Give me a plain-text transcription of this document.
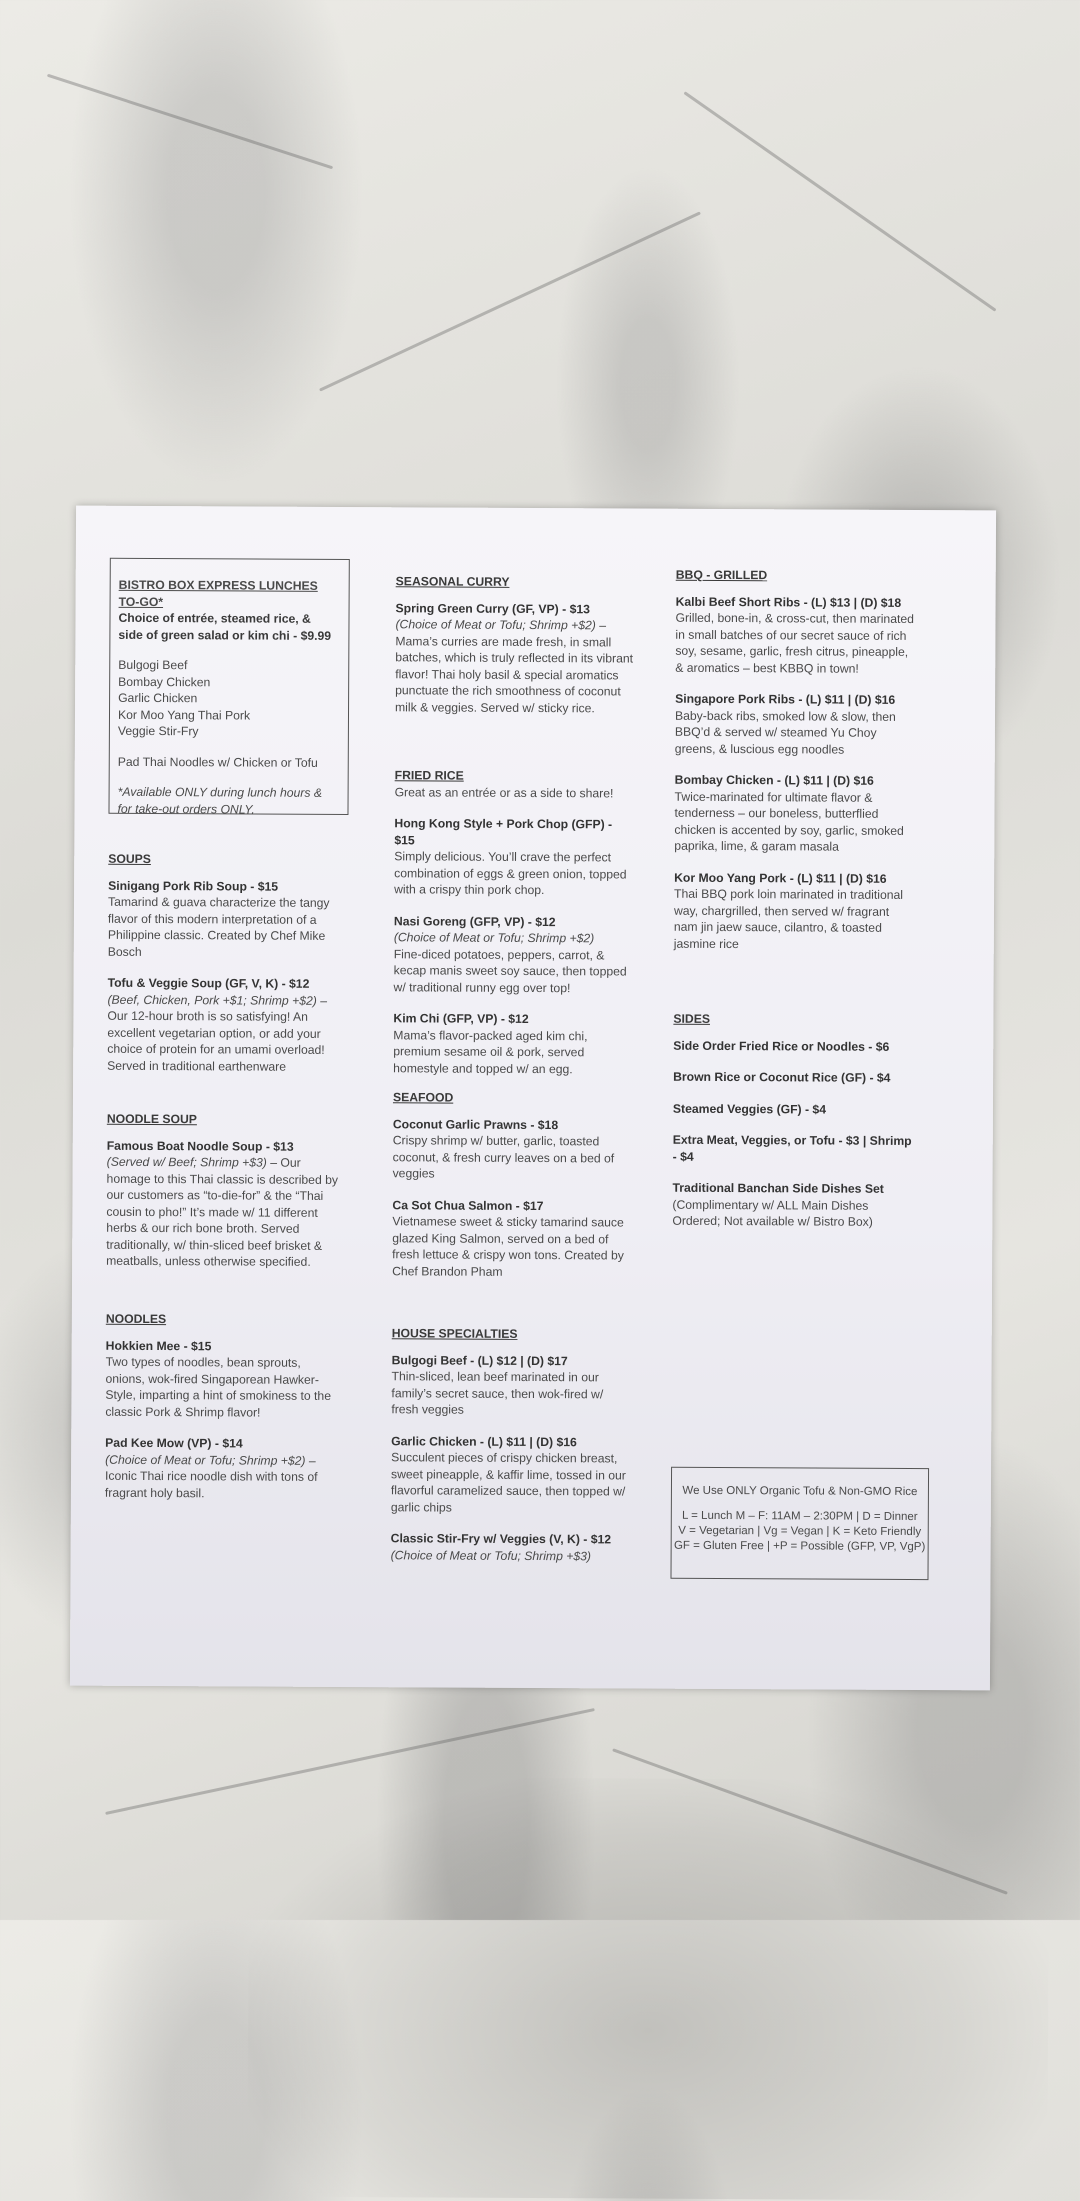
BISTRO BOX EXPRESS LUNCHES TO-GO*
Choice of entrée, steamed rice, & side of green salad or kim chi - $9.99
Bulgogi Beef
Bombay Chicken
Garlic Chicken
Kor Moo Yang Thai Pork
Veggie Stir-Fry
Pad Thai Noodles w/ Chicken or Tofu
*Available ONLY during lunch hours & for take-out orders ONLY.
SOUPS
Sinigang Pork Rib Soup - $15
Tamarind & guava characterize the tangy flavor of this modern interpretation of a Philippine classic. Created by Chef Mike Bosch
Tofu & Veggie Soup (GF, V, K) - $12
(Beef, Chicken, Pork +$1; Shrimp +$2) – Our 12-hour broth is so satisfying! An excellent vegetarian option, or add your choice of protein for an umami overload! Served in traditional earthenware
NOODLE SOUP
Famous Boat Noodle Soup - $13
(Served w/ Beef; Shrimp +$3) – Our homage to this Thai classic is described by our customers as “to-die-for” & the “Thai cousin to pho!” It’s made w/ 11 different herbs & our rich bone broth. Served traditionally, w/ thin-sliced beef brisket & meatballs, unless otherwise specified.
NOODLES
Hokkien Mee - $15
Two types of noodles, bean sprouts, onions, wok-fired Singaporean Hawker-Style, imparting a hint of smokiness to the classic Pork & Shrimp flavor!
Pad Kee Mow (VP) - $14
(Choice of Meat or Tofu; Shrimp +$2) – Iconic Thai rice noodle dish with tons of fragrant holy basil.
SEASONAL CURRY
Spring Green Curry (GF, VP) - $13
(Choice of Meat or Tofu; Shrimp +$2) – Mama’s curries are made fresh, in small batches, which is truly reflected in its vibrant flavor! Thai holy basil & special aromatics punctuate the rich smoothness of coconut milk & veggies. Served w/ sticky rice.
FRIED RICE
Great as an entrée or as a side to share!
Hong Kong Style + Pork Chop (GFP) - $15
Simply delicious. You’ll crave the perfect combination of eggs & green onion, topped with a crispy thin pork chop.
Nasi Goreng (GFP, VP) - $12
(Choice of Meat or Tofu; Shrimp +$2)
Fine-diced potatoes, peppers, carrot, & kecap manis sweet soy sauce, then topped w/ traditional runny egg over top!
Kim Chi (GFP, VP) - $12
Mama’s flavor-packed aged kim chi, premium sesame oil & pork, served homestyle and topped w/ an egg.
SEAFOOD
Coconut Garlic Prawns - $18
Crispy shrimp w/ butter, garlic, toasted coconut, & fresh curry leaves on a bed of veggies
Ca Sot Chua Salmon - $17
Vietnamese sweet & sticky tamarind sauce glazed King Salmon, served on a bed of fresh lettuce & crispy won tons. Created by Chef Brandon Pham
HOUSE SPECIALTIES
Bulgogi Beef - (L) $12 | (D) $17
Thin-sliced, lean beef marinated in our family’s secret sauce, then wok-fired w/ fresh veggies
Garlic Chicken - (L) $11 | (D) $16
Succulent pieces of crispy chicken breast, sweet pineapple, & kaffir lime, tossed in our flavorful caramelized sauce, then topped w/ garlic chips
Classic Stir-Fry w/ Veggies (V, K) - $12
(Choice of Meat or Tofu; Shrimp +$3)
BBQ - GRILLED
Kalbi Beef Short Ribs - (L) $13 | (D) $18
Grilled, bone-in, & cross-cut, then marinated in small batches of our secret sauce of rich soy, sesame, garlic, fresh citrus, pineapple, & aromatics – best KBBQ in town!
Singapore Pork Ribs - (L) $11 | (D) $16
Baby-back ribs, smoked low & slow, then BBQ’d & served w/ steamed Yu Choy greens, & luscious egg noodles
Bombay Chicken - (L) $11 | (D) $16
Twice-marinated for ultimate flavor & tenderness – our boneless, butterflied chicken is accented by soy, garlic, smoked paprika, lime, & garam masala
Kor Moo Yang Pork - (L) $11 | (D) $16
Thai BBQ pork loin marinated in traditional way, chargrilled, then served w/ fragrant nam jin jaew sauce, cilantro, & toasted jasmine rice
SIDES
Side Order Fried Rice or Noodles - $6
Brown Rice or Coconut Rice (GF) - $4
Steamed Veggies (GF) - $4
Extra Meat, Veggies, or Tofu - $3 | Shrimp - $4
Traditional Banchan Side Dishes Set
(Complimentary w/ ALL Main Dishes Ordered; Not available w/ Bistro Box)
We Use ONLY Organic Tofu & Non-GMO Rice
L = Lunch M – F: 11AM – 2:30PM | D = Dinner
V = Vegetarian | Vg = Vegan | K = Keto Friendly
GF = Gluten Free | +P = Possible (GFP, VP, VgP)
